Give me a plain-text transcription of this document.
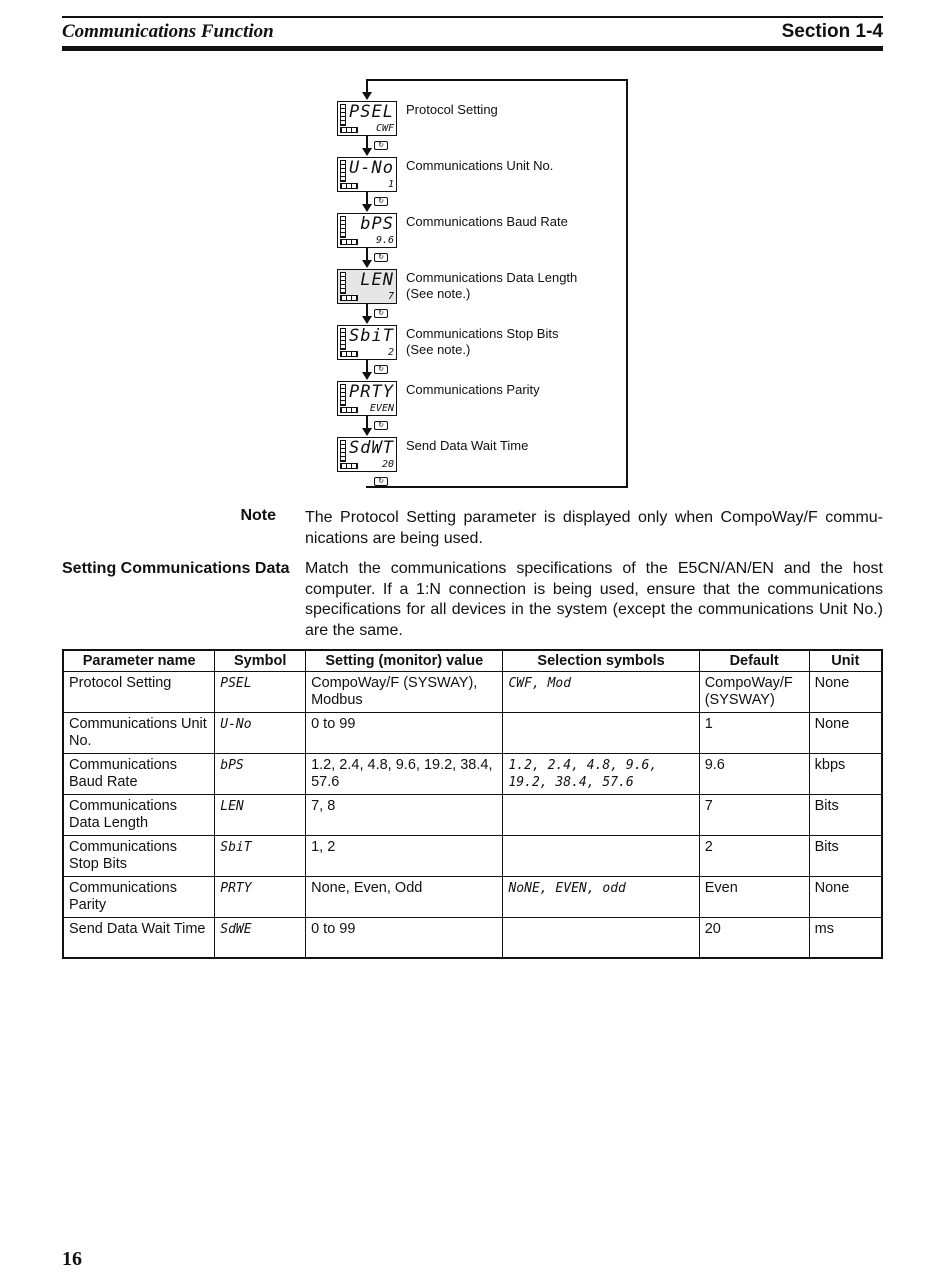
Communications Function	Section 1-4
PSEL
CWF
Protocol Setting
↻
U-No
1
Communications Unit No.
↻
bPS
9.6
Communications Baud Rate
↻
LEN
7
Communications Data Length
(See note.)
↻
SbiT
2
Communications Stop Bits
(See note.)
↻
PRTY
EVEN
Communications Parity
↻
SdWT
20
Send Data Wait Time
↻
Note The Protocol Setting parameter is displayed only when CompoWay/F commu-nications are being used.
Setting Communications Data Match the communications specifications of the E5CN/AN/EN and the host computer. If a 1:N connection is being used, ensure that the communications specifications for all devices in the system (except the communications Unit No.) are the same.
Parameter name	Symbol	Setting (monitor) value	Selection symbols	Default	Unit
Protocol Setting	PSEL	CompoWay/F (SYSWAY), Modbus	CWF, Mod	CompoWay/F (SYSWAY)	None
Communications Unit No.	U-No	0 to 99		1	None
Communications Baud Rate	bPS	1.2, 2.4, 4.8, 9.6, 19.2, 38.4, 57.6	1.2, 2.4, 4.8, 9.6, 19.2, 38.4, 57.6	9.6	kbps
Communications Data Length	LEN	7, 8		7	Bits
Communications Stop Bits	SbiT	1, 2		2	Bits
Communications Parity	PRTY	None, Even, Odd	NoNE, EVEN, odd	Even	None
Send Data Wait Time	SdWE	0 to 99		20	ms
16
